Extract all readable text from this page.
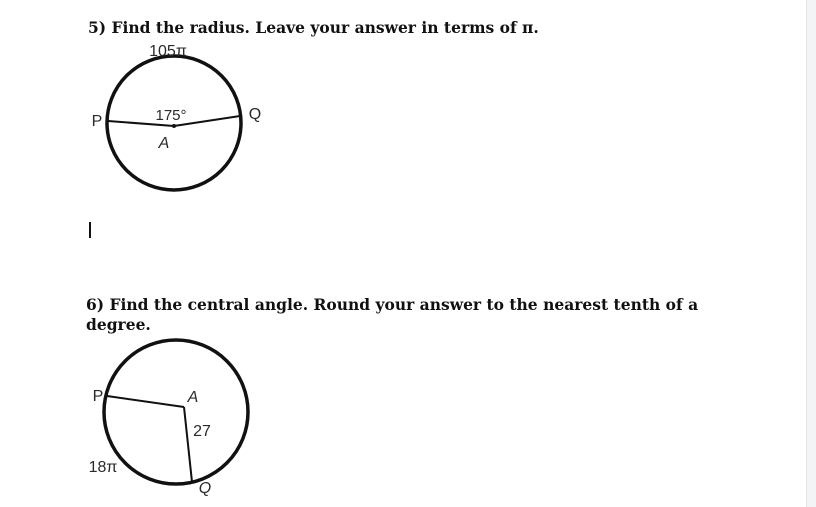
5) Find the radius. Leave your answer in terms of π.

105π
175°
A
P	Q

6) Find the central angle. Round your answer to the nearest tenth of a degree.

P	A
27
18π
Q
